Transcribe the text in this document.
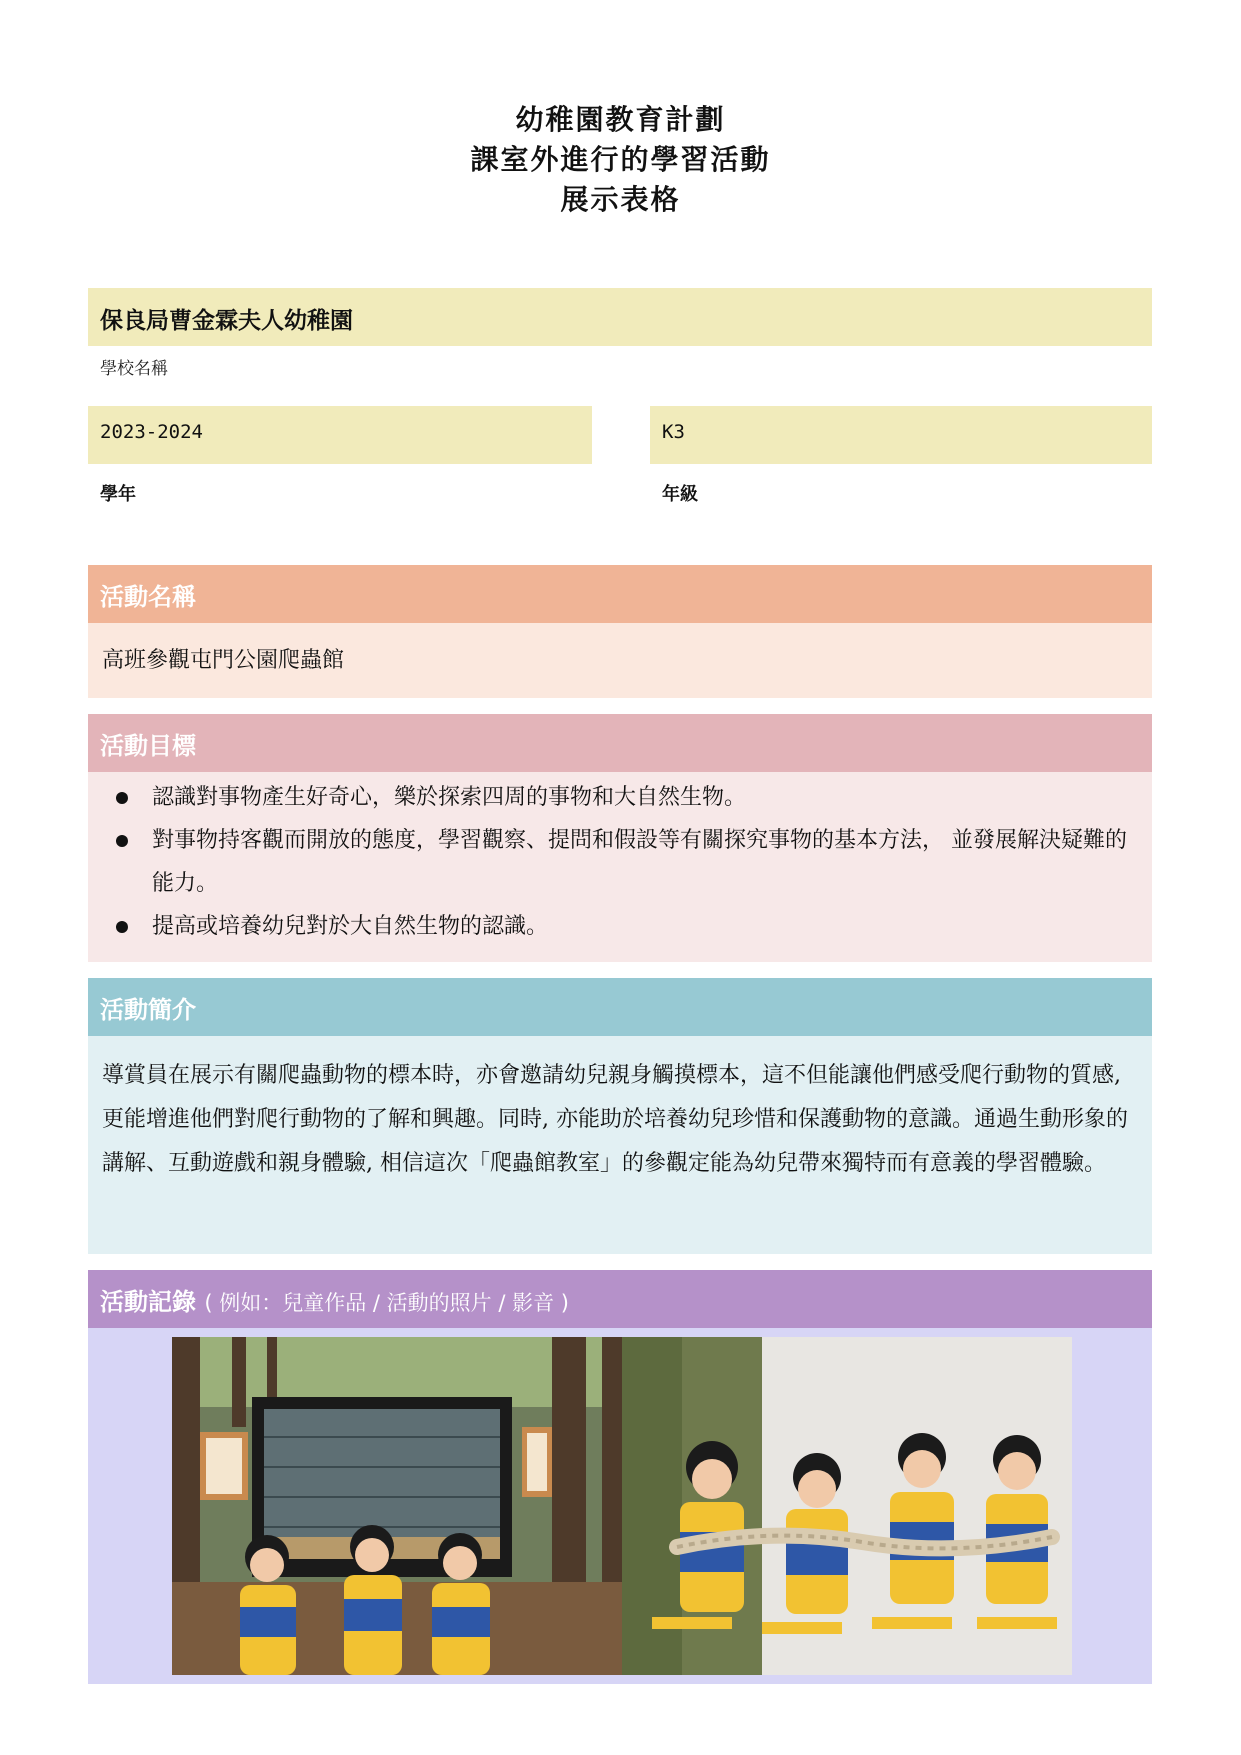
幼稚園教育計劃
課室外進行的學習活動
展示表格
保良局曹金霖夫人幼稚園
學校名稱
2023-2024
學年
K3
年級
活動名稱
高班參觀屯門公園爬蟲館
活動目標
認識對事物產生好奇心，樂於探索四周的事物和大自然生物。
對事物持客觀而開放的態度，學習觀察、提問和假設等有關探究事物的基本方法， 並發展解決疑難的能力。
提高或培養幼兒對於大自然生物的認識。
活動簡介
導賞員在展示有關爬蟲動物的標本時，亦會邀請幼兒親身觸摸標本，這不但能讓他們感受爬行動物的質感, 更能增進他們對爬行動物的了解和興趣。同時, 亦能助於培養幼兒珍惜和保護動物的意識。通過生動形象的講解、互動遊戲和親身體驗, 相信這次「爬蟲館教室」的參觀定能為幼兒帶來獨特而有意義的學習體驗。
活動記錄 ( 例如：兒童作品 / 活動的照片 / 影音 )
